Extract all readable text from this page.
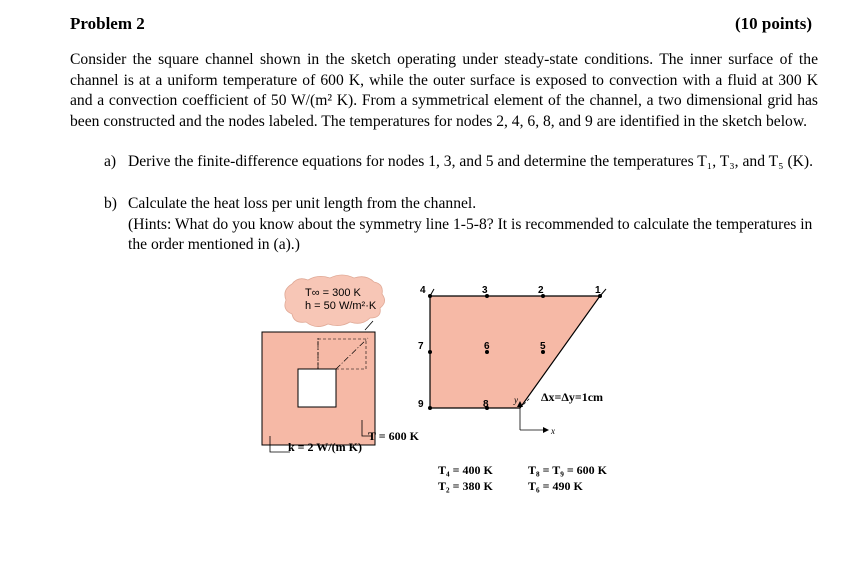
Problem 2	(10 points)
Consider the square channel shown in the sketch operating under steady-state conditions. The inner surface of the channel is at a uniform temperature of 600 K, while the outer surface is exposed to convection with a fluid at 300 K and a convection coefficient of 50 W/(m² K). From a symmetrical element of the channel, a two dimensional grid has been constructed and the nodes labeled. The temperatures for nodes 2, 4, 6, 8, and 9 are identified in the sketch below.
a) Derive the finite-difference equations for nodes 1, 3, and 5 and determine the temperatures T₁, T₃, and T₅ (K).
b) Calculate the heat loss per unit length from the channel.
(Hints: What do you know about the symmetry line 1-5-8? It is recommended to calculate the temperatures in the order mentioned in (a).)
T∞ = 300 K
h = 50 W/m²·K
k = 2 W/(m K)
T = 600 K
1
2
3
4
5
6
7
8
9	y
x
Δx=Δy=1cm
T₄ = 400 K
T₂ = 380 K
T₈ = T₉ = 600 K
T₆ = 490 K
